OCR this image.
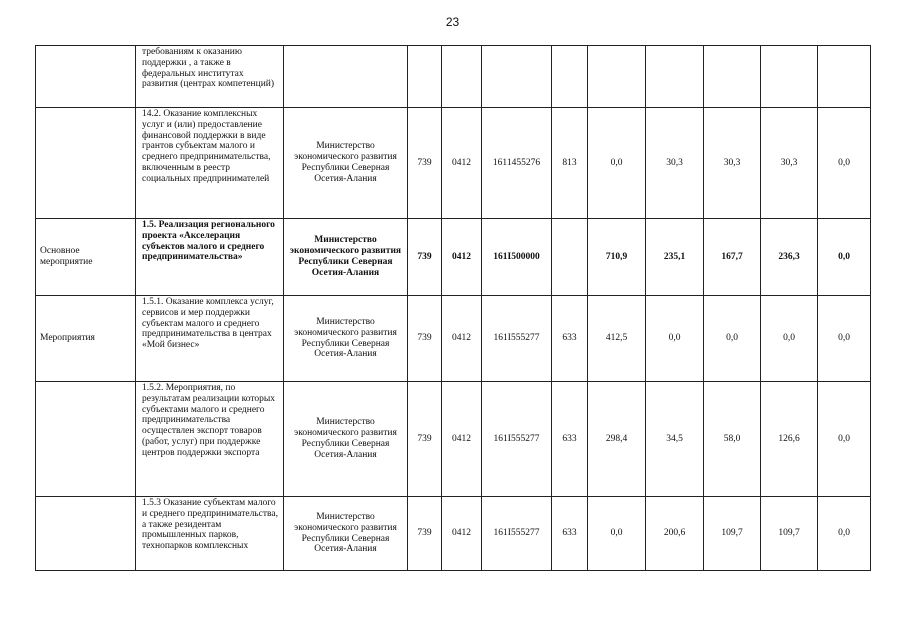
23
	требованиям к оказанию поддержки , а также в федеральных институтах развития (центрах компетенций)										
	14.2. Оказание комплексных услуг и (или) предоставление финансовой поддержки в виде грантов субъектам малого и среднего предпринимательства, включенным в реестр социальных предпринимателей	Министерство экономического развития Республики Северная Осетия-Алания	739	0412	1611455276	813	0,0	30,3	30,3	30,3	0,0
Основное мероприятие	1.5. Реализация регионального проекта «Акселерация субъектов малого и среднего предпринимательства»	Министерство экономического развития Республики Северная Осетия-Алания	739	0412	161I500000		710,9	235,1	167,7	236,3	0,0
Мероприятия	1.5.1. Оказание комплекса услуг, сервисов и мер поддержки субъектам малого и среднего предпринимательства в центрах «Мой бизнес»	Министерство экономического развития Республики Северная Осетия-Алания	739	0412	161I555277	633	412,5	0,0	0,0	0,0	0,0
	1.5.2. Мероприятия, по результатам реализации которых субъектами малого и среднего предпринимательства осуществлен экспорт товаров (работ, услуг) при поддержке центров поддержки экспорта	Министерство экономического развития Республики Северная Осетия-Алания	739	0412	161I555277	633	298,4	34,5	58,0	126,6	0,0
	1.5.3 Оказание субъектам малого и среднего предпринимательства, а также резидентам промышленных парков, технопарков комплексных	Министерство экономического развития Республики Северная Осетия-Алания	739	0412	161I555277	633	0,0	200,6	109,7	109,7	0,0
